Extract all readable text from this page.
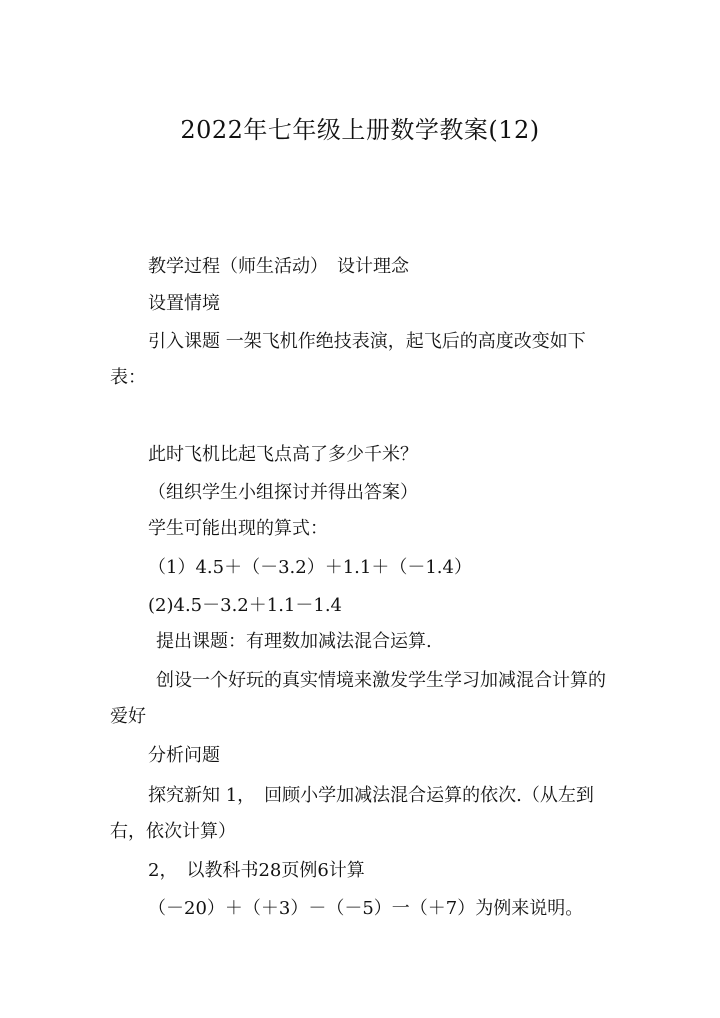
2022年七年级上册数学教案(12)
教学过程（师生活动）　设计理念
设置情境
引入课题 一架飞机作绝技表演，起飞后的高度改变如下表：
此时飞机比起飞点高了多少千米？
（组织学生小组探讨并得出答案）
学生可能出现的算式：
（1）4.5＋（－3.2）＋1.1＋（－1.4）
(2)4.5－3.2＋1.1－1.4
提出课题：有理数加减法混合运算.
创设一个好玩的真实情境来激发学生学习加减混合计算的爱好
分析问题
探究新知 1，　回顾小学加减法混合运算的依次.（从左到右，依次计算）
2，　以教科书28页例6计算
（－20）＋（＋3）－（－5）一（＋7）为例来说明。
